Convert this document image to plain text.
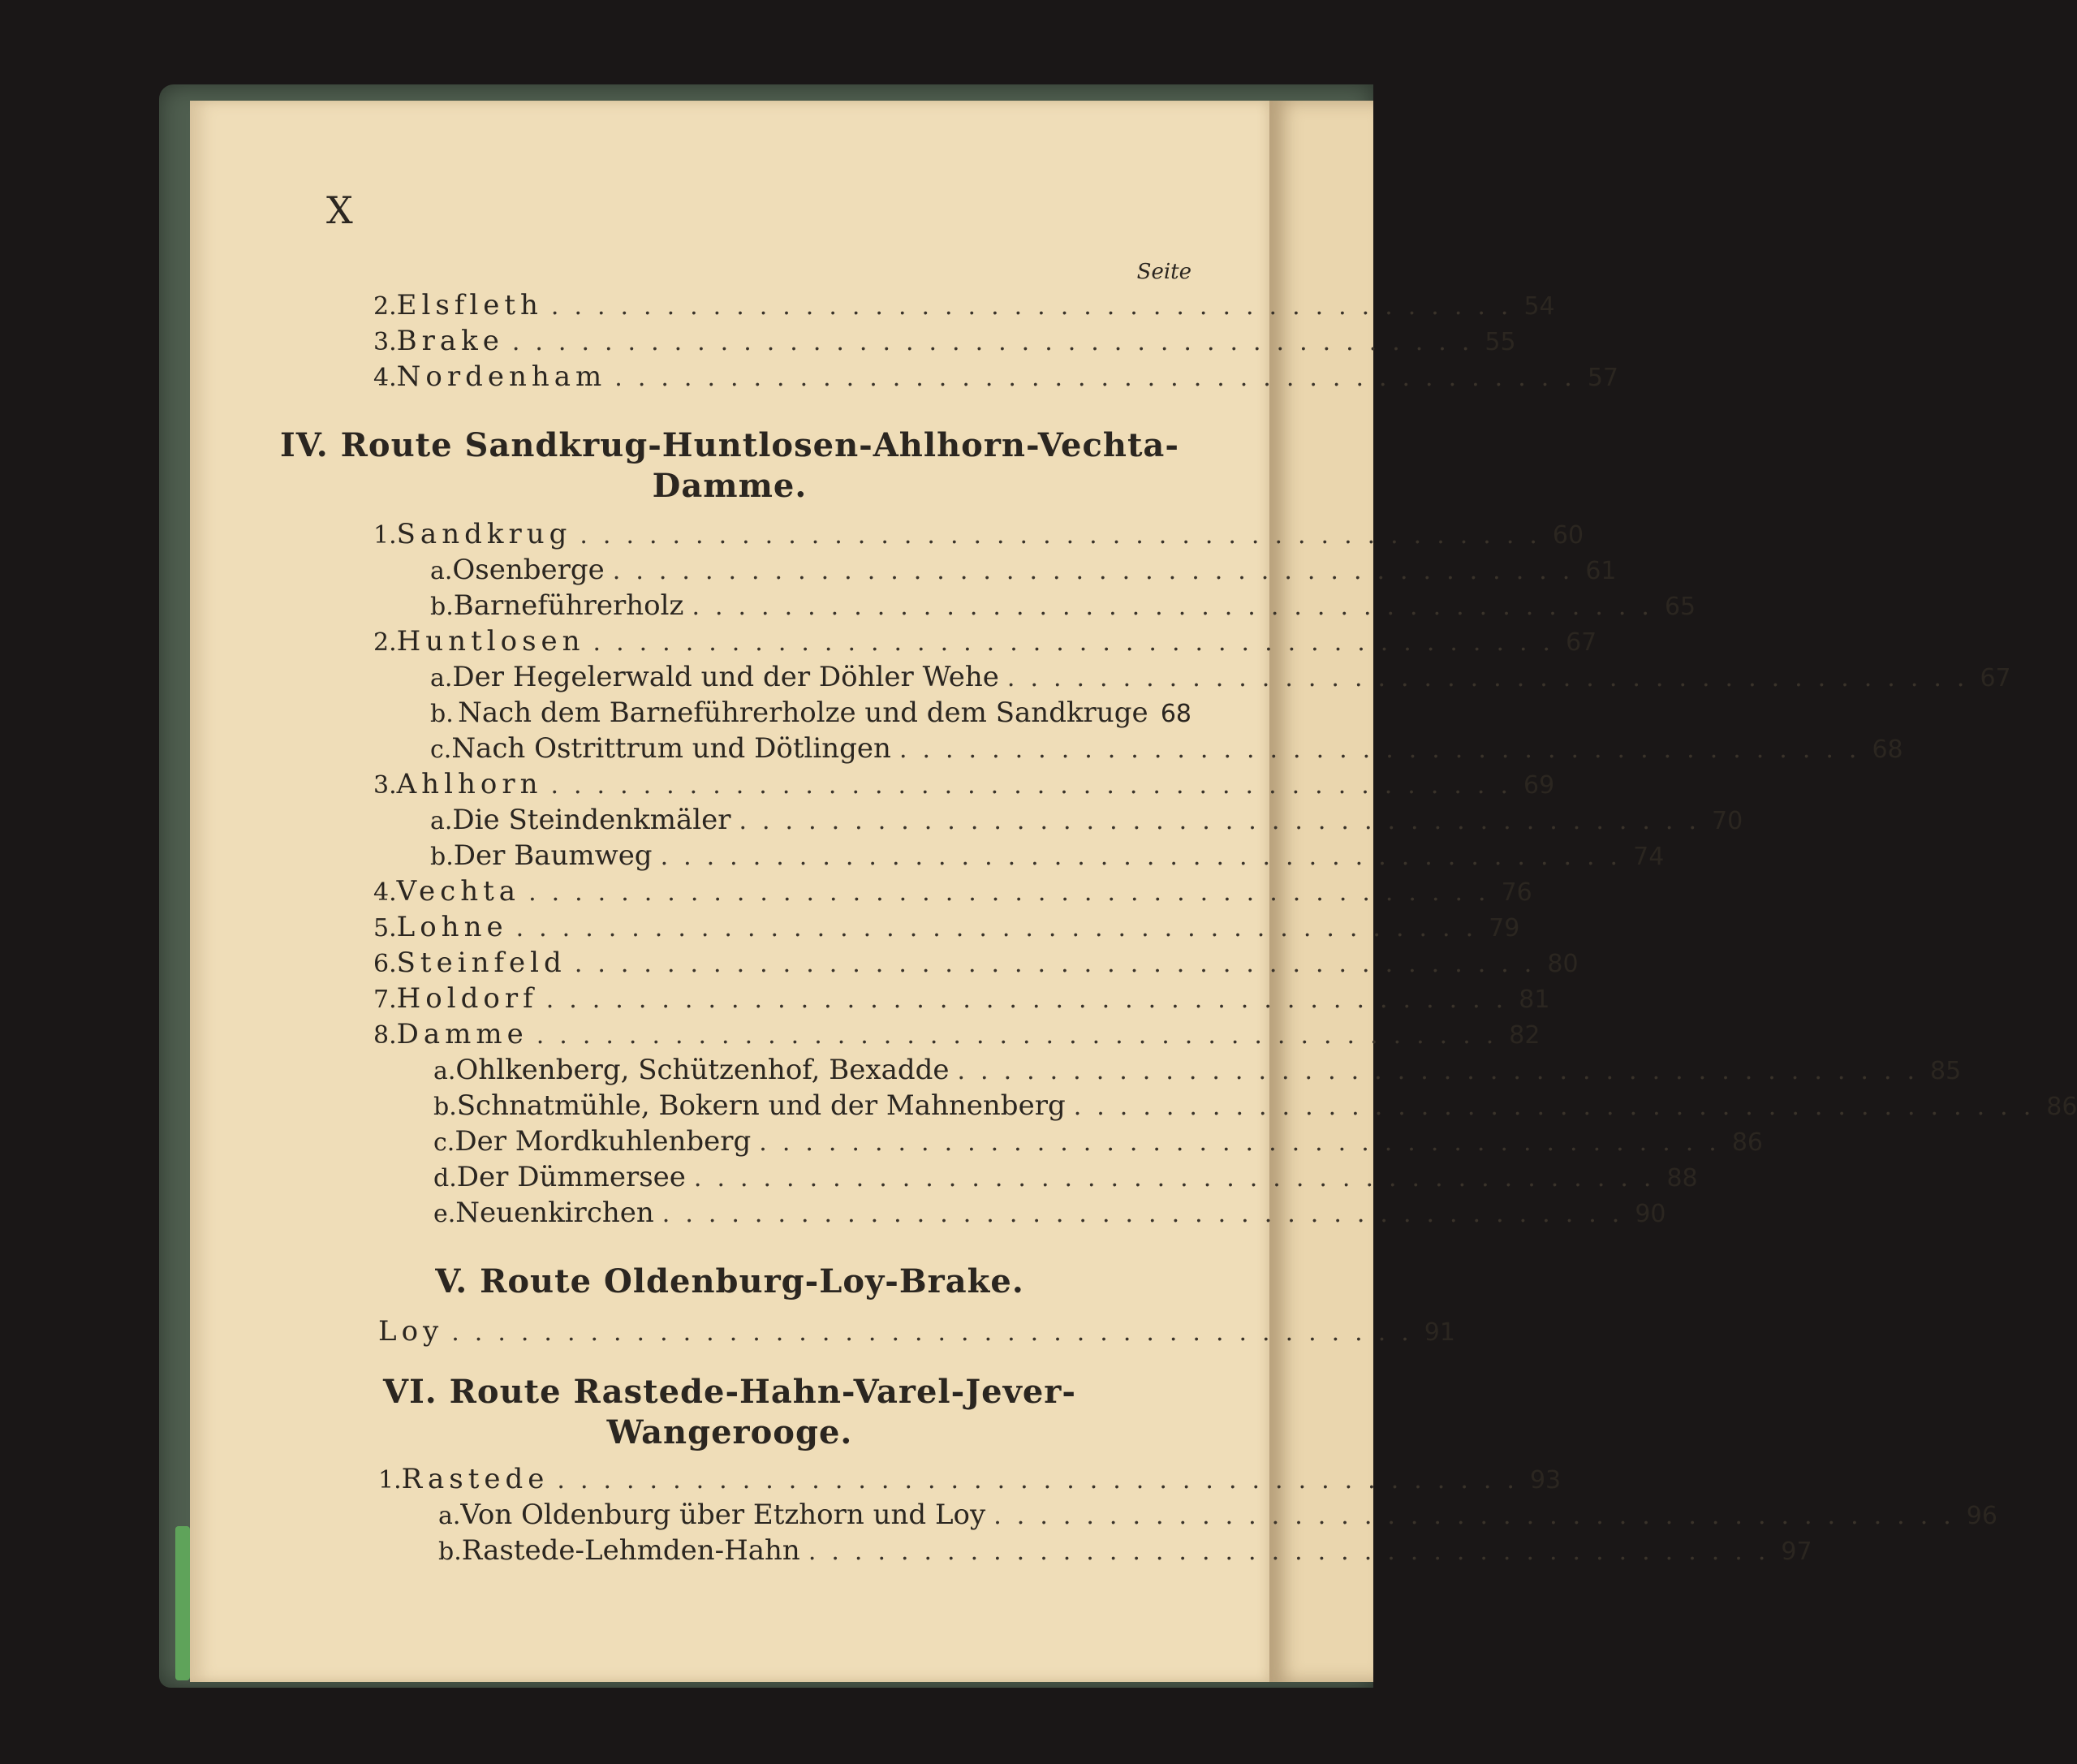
X
Seite
2. Elsfleth .......................................... 54
3. Brake .......................................... 55
4. Nordenham .......................................... 57
IV. Route Sandkrug-Huntlosen-Ahlhorn-Vechta-
Damme.
1. Sandkrug .......................................... 60
a. Osenberge .......................................... 61
b. Barneführerholz .......................................... 65
2. Huntlosen .......................................... 67
a. Der Hegelerwald und der Döhler Wehe .......................................... 67
b. Nach dem Barneführerholze und dem Sandkruge 68
c. Nach Ostrittrum und Dötlingen .......................................... 68
3. Ahlhorn .......................................... 69
a. Die Steindenkmäler .......................................... 70
b. Der Baumweg .......................................... 74
4. Vechta .......................................... 76
5. Lohne .......................................... 79
6. Steinfeld .......................................... 80
7. Holdorf .......................................... 81
8. Damme .......................................... 82
a. Ohlkenberg, Schützenhof, Bexadde .......................................... 85
b. Schnatmühle, Bokern und der Mahnenberg .......................................... 86
c. Der Mordkuhlenberg .......................................... 86
d. Der Dümmersee .......................................... 88
e. Neuenkirchen .......................................... 90
V. Route Oldenburg-Loy-Brake.
Loy .......................................... 91
VI. Route Rastede-Hahn-Varel-Jever-
Wangerooge.
1. Rastede .......................................... 93
a. Von Oldenburg über Etzhorn und Loy .......................................... 96
b. Rastede-Lehmden-Hahn .......................................... 97
